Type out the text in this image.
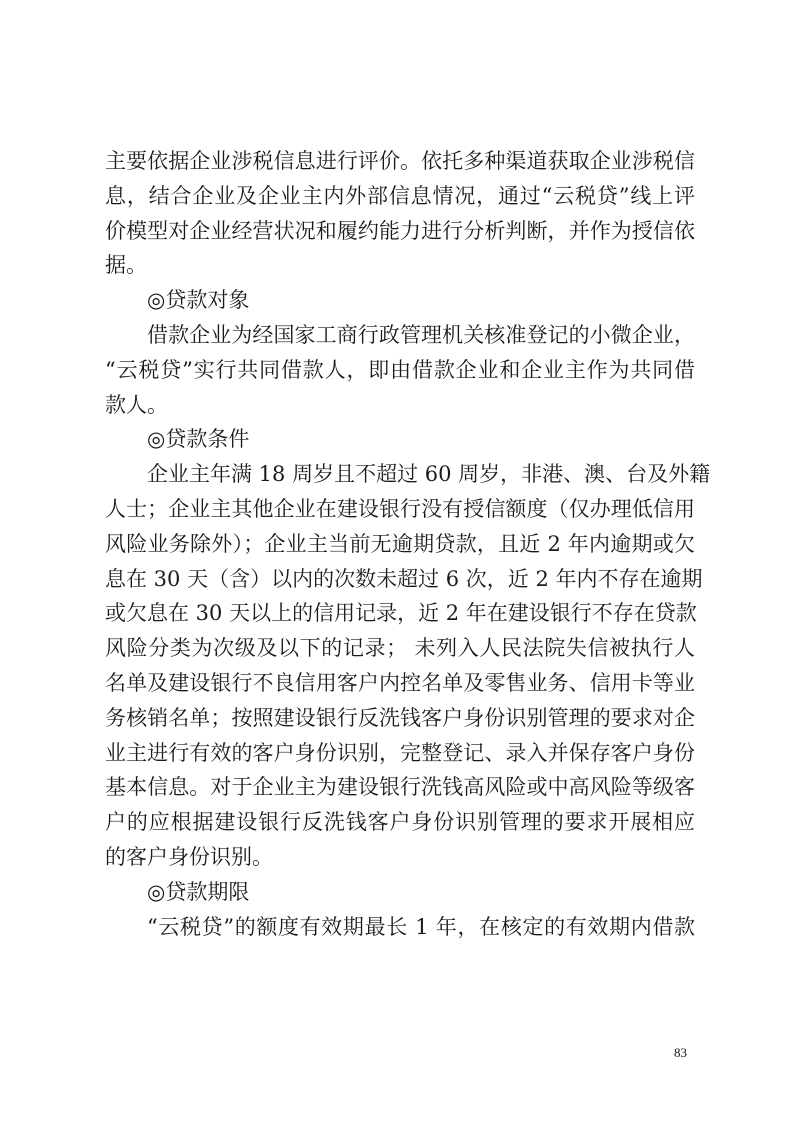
主要依据企业涉税信息进行评价。依托多种渠道获取企业涉税信
息，结合企业及企业主内外部信息情况，通过“云税贷”线上评
价模型对企业经营状况和履约能力进行分析判断，并作为授信依
据。
◎贷款对象
借款企业为经国家工商行政管理机关核准登记的小微企业，
“云税贷”实行共同借款人，即由借款企业和企业主作为共同借
款人。
◎贷款条件
企业主年满 18 周岁且不超过 60 周岁，非港、澳、台及外籍
人士；企业主其他企业在建设银行没有授信额度（仅办理低信用
风险业务除外）；企业主当前无逾期贷款，且近 2 年内逾期或欠
息在 30 天（含）以内的次数未超过 6 次，近 2 年内不存在逾期
或欠息在 30 天以上的信用记录，近 2 年在建设银行不存在贷款
风险分类为次级及以下的记录； 未列入人民法院失信被执行人
名单及建设银行不良信用客户内控名单及零售业务、信用卡等业
务核销名单；按照建设银行反洗钱客户身份识别管理的要求对企
业主进行有效的客户身份识别，完整登记、录入并保存客户身份
基本信息。对于企业主为建设银行洗钱高风险或中高风险等级客
户的应根据建设银行反洗钱客户身份识别管理的要求开展相应
的客户身份识别。
◎贷款期限
“云税贷”的额度有效期最长 1 年，在核定的有效期内借款
83
